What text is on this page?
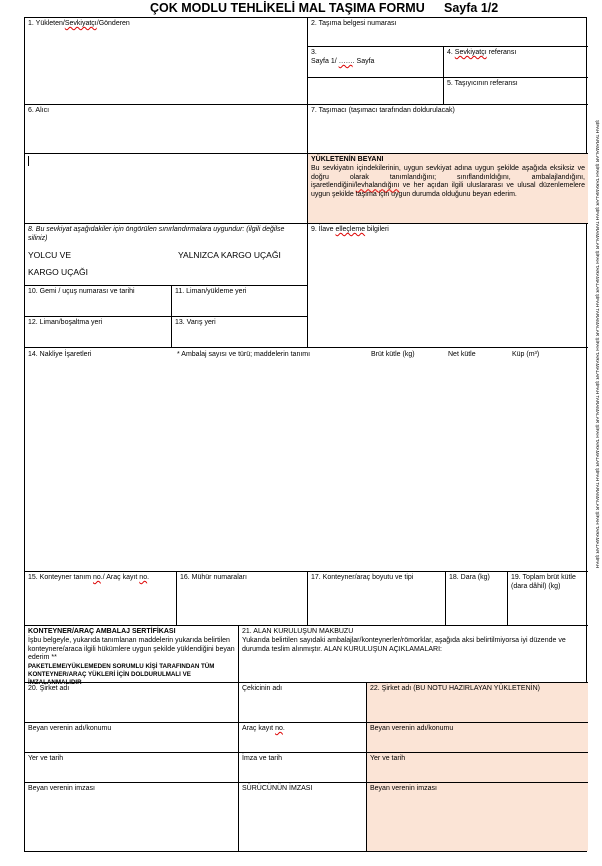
ÇOK MODLU TEHLİKELİ MAL TAŞIMA FORMU Sayfa 1/2
ŞİFAH TARAMALAR ŞİFAH TARAMALAR ŞİFAH TARAMALAR ŞİFAH TARAMALAR ŞİFAH TARAMALAR ŞİFAH TARAMALAR ŞİFAH TARAMALAR ŞİFAH TARAMALAR ŞİFAH TARAMALAR ŞİFAH TARAMALAR ŞİFAH
1. Yükleten/Sevkiyatçı/Gönderen	2. Taşıma belgesi numarası
3.
Sayfa 1/ ……. Sayfa
4. Sevkiyatçı referansı
5. Taşıyıcının referansı
6. Alıcı	7. Taşımacı (taşımacı tarafından doldurulacak)
YÜKLETENİN BEYANI
Bu sevkiyatın içindekilerinin, uygun sevkiyat adına uygun şekilde aşağıda eksiksiz ve doğru olarak tanımlandığını; sınıflandırıldığını, ambalajlandığını, işaretlendiğini/levhalandığını ve her açıdan ilgili uluslararası ve ulusal düzenlemelere uygun şekilde taşıma için uygun durumda olduğunu beyan ederim.
8. Bu sevkiyat aşağıdakiler için öngörülen sınırlandırmalara uygundur: (ilgili değilse siliniz)
YOLCU VE
KARGO UÇAĞI
YALNIZCA KARGO UÇAĞI
9. İlave elleçleme bilgileri
10. Gemi / uçuş numarası ve tarihi	11. Liman/yükleme yeri
12. Liman/boşaltma yeri	13. Varış yeri
14. Nakliye İşaretleri	* Ambalaj sayısı ve türü; maddelerin tanımı	Brüt kütle (kg)	Net kütle	Küp (m³)
15. Konteyner tanım no./ Araç kayıt no.	16. Mühür numaraları	17. Konteyner/araç boyutu ve tipi	18. Dara (kg)	19. Toplam brüt kütle (dara dâhil) (kg)
KONTEYNER/ARAÇ AMBALAJ SERTİFİKASI
İşbu belgeyle, yukarıda tanımlanan maddelerin yukarıda belirtilen konteynere/araca ilgili hükümlere uygun şekilde yüklendiğini beyan ederim **
PAKETLEME/YÜKLEMEDEN SORUMLU KİŞİ TARAFINDAN TÜM KONTEYNER/ARAÇ YÜKLERİ İÇİN DOLDURULMALI VE İMZALANMALIDIR
21. ALAN KURULUŞUN MAKBUZU
Yukarıda belirtilen sayıdaki ambalajlar/konteynerler/römorklar, aşağıda aksi belirtilmiyorsa iyi düzende ve durumda teslim alınmıştır. ALAN KURULUŞUN AÇIKLAMALARI:
20. Şirket adı	Çekicinin adı	22. Şirket adı (BU NOTU HAZIRLAYAN YÜKLETENİN)
Beyan verenin adı/konumu	Araç kayıt no.	Beyan verenin adı/konumu
Yer ve tarih	İmza ve tarih	Yer ve tarih
Beyan verenin imzası	SÜRÜCÜNÜN İMZASI	Beyan verenin imzası
